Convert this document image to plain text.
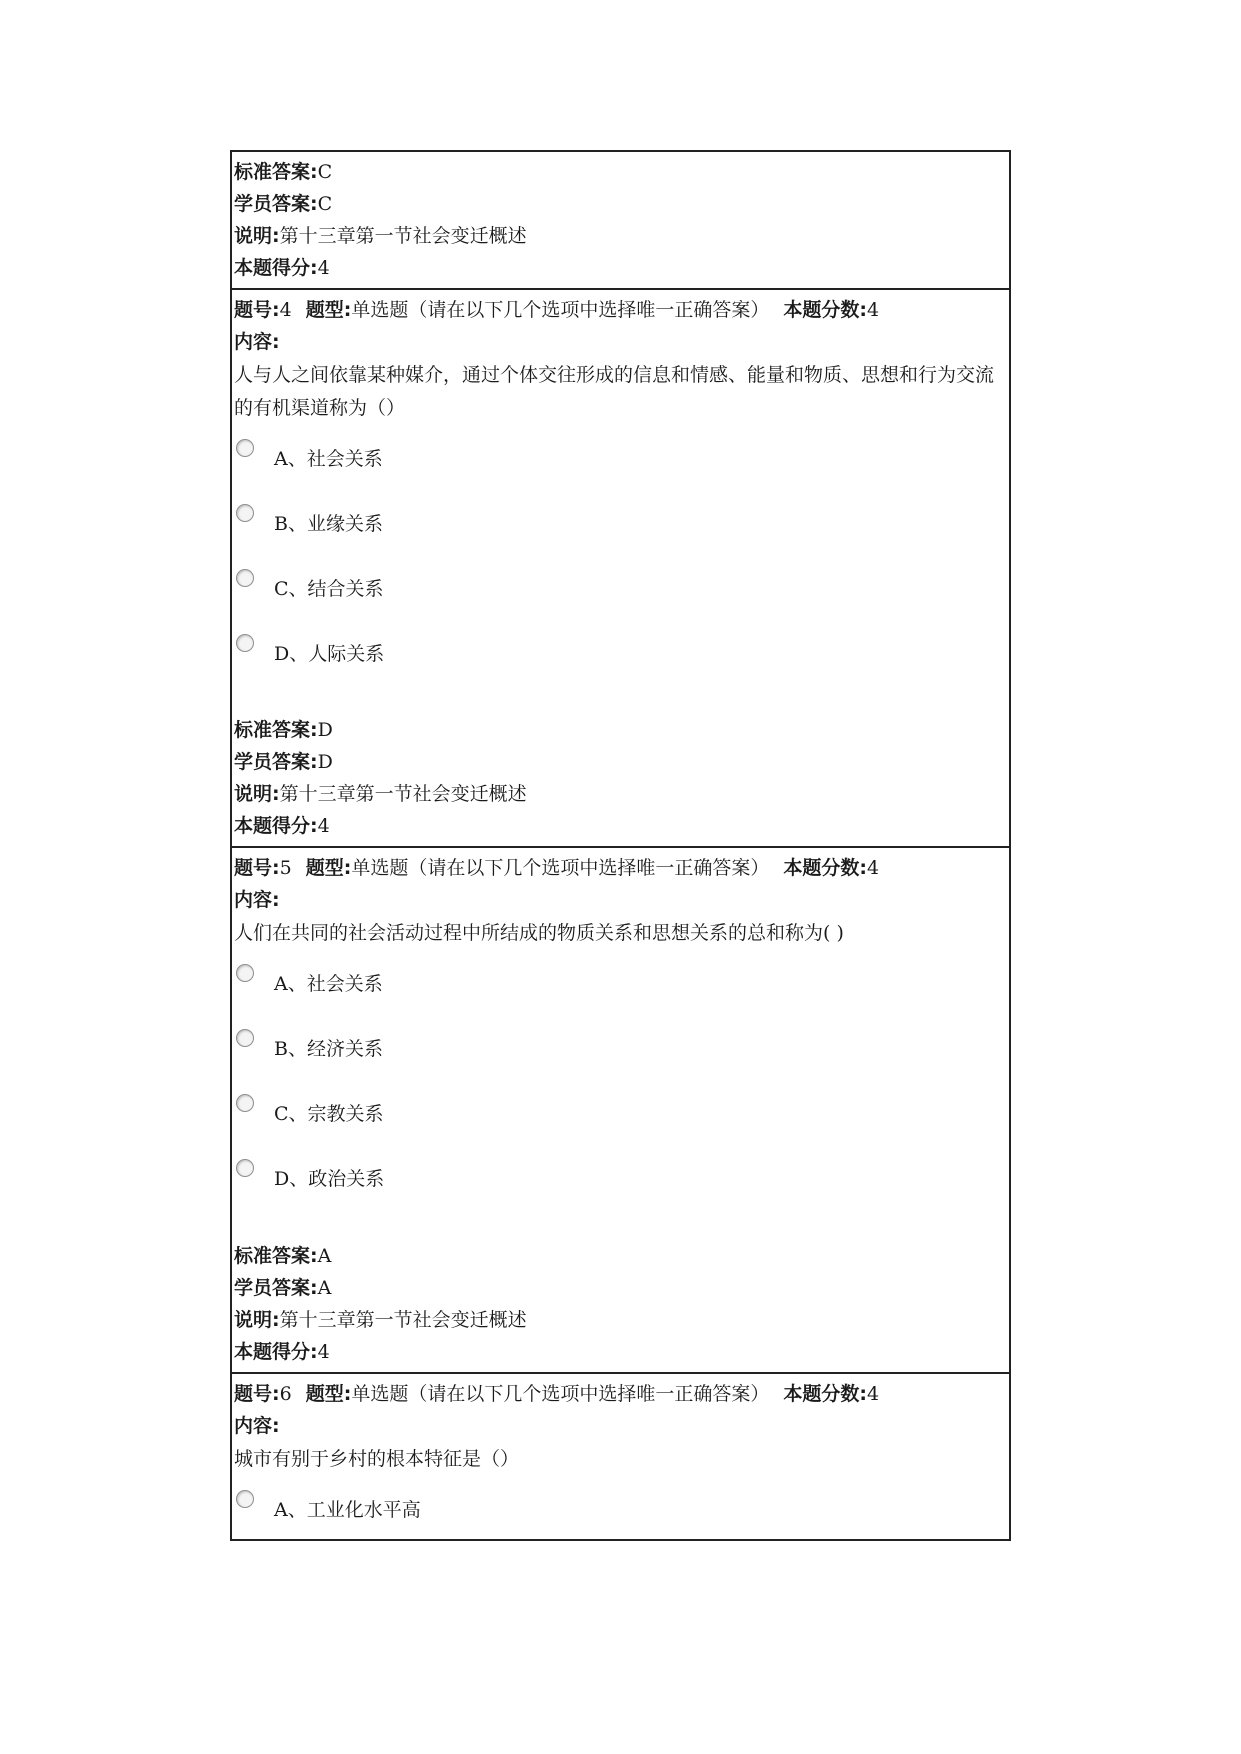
标准答案:C
学员答案:C
说明:第十三章第一节社会变迁概述
本题得分:4
题号:4 题型:单选题（请在以下几个选项中选择唯一正确答案） 本题分数:4
内容:
人与人之间依靠某种媒介，通过个体交往形成的信息和情感、能量和物质、思想和行为交流的有机渠道称为（）
A、社会关系
B、业缘关系
C、结合关系
D、人际关系
标准答案:D
学员答案:D
说明:第十三章第一节社会变迁概述
本题得分:4
题号:5 题型:单选题（请在以下几个选项中选择唯一正确答案） 本题分数:4
内容:
人们在共同的社会活动过程中所结成的物质关系和思想关系的总和称为( )
A、社会关系
B、经济关系
C、宗教关系
D、政治关系
标准答案:A
学员答案:A
说明:第十三章第一节社会变迁概述
本题得分:4
题号:6 题型:单选题（请在以下几个选项中选择唯一正确答案） 本题分数:4
内容:
城市有别于乡村的根本特征是（）
A、工业化水平高
